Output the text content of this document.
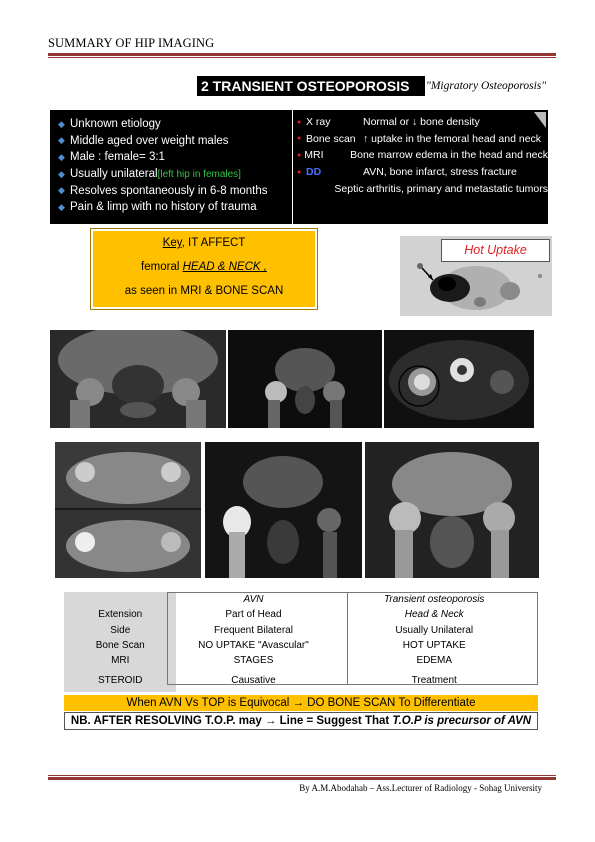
SUMMARY OF HIP IMAGING
2 TRANSIENT OSTEOPOROSIS	"Migratory Osteoporosis"
◆ Unknown etiology
◆ Middle aged over weight males
◆ Male : female= 3:1
◆ Usually unilateral [left hip in females]
◆ Resolves spontaneously in 6-8 months
◆ Pain & limp with no history of trauma
● X ray	Normal or ↓ bone density
● Bone scan ↑ uptake in the femoral head and neck
● MRI	Bone marrow edema in the head and neck
● DD	AVN, bone infarct, stress fracture
Septic arthritis, primary and metastatic tumors
Key, IT AFFECT
femoral HEAD & NECK ,
as seen in MRI & BONE SCAN
Hot Uptake
	AVN	Transient osteoporosis
Extension	Part of Head	Head & Neck
Side	Frequent Bilateral	Usually Unilateral
Bone Scan	NO UPTAKE "Avascular"	HOT UPTAKE
MRI	STAGES	EDEMA
STEROID	Causative	Treatment
When AVN Vs TOP is Equivocal → DO BONE SCAN To Differentiate
NB. AFTER RESOLVING T.O.P. may → Line = Suggest That T.O.P is precursor of AVN
By A.M.Abodahab – Ass.Lecturer of Radiology - Sohag University
